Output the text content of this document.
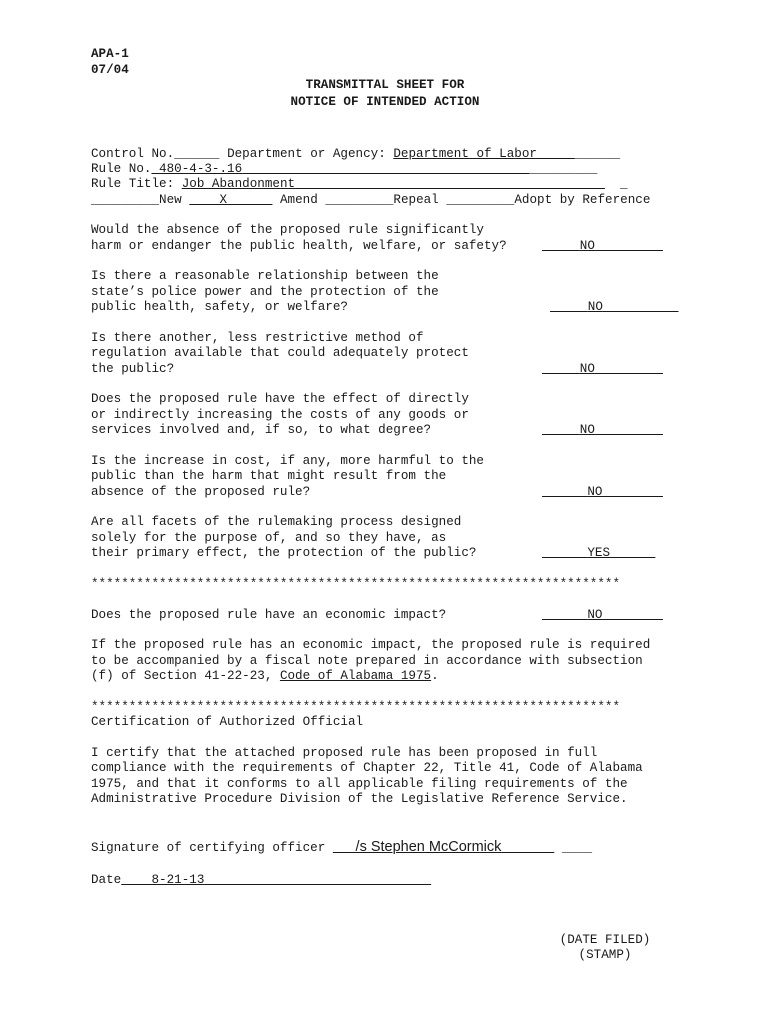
APA-1
07/04
TRANSMITTAL SHEET FOR
NOTICE OF INTENDED ACTION
Control No.______ Department or Agency: Department of Labor	______
Rule No._480-4-3-.16	_________
Rule Title: Job Abandonment	_
_________New	X	Amend _________Repeal _________Adopt by Reference
Would the absence of the proposed rule significantly
harm or endanger the public health, welfare, or safety?	NO
Is there a reasonable relationship between the
state’s police power and the protection of the
public health, safety, or welfare?	NO
Is there another, less restrictive method of
regulation available that could adequately protect
the public?	NO
Does the proposed rule have the effect of directly
or indirectly increasing the costs of any goods or
services involved and, if so, to what degree?	NO
Is the increase in cost, if any, more harmful to the
public than the harm that might result from the
absence of the proposed rule?	NO
Are all facets of the rulemaking process designed
solely for the purpose of, and so they have, as
their primary effect, the protection of the public?	YES
**********************************************************************
Does the proposed rule have an economic impact?	NO
If the proposed rule has an economic impact, the proposed rule is required
to be accompanied by a fiscal note prepared in accordance with subsection
(f) of Section 41-22-23, Code of Alabama 1975.
**********************************************************************
Certification of Authorized Official
I certify that the attached proposed rule has been proposed in full
compliance with the requirements of Chapter 22, Title 41, Code of Alabama
1975, and that it conforms to all applicable filing requirements of the
Administrative Procedure Division of the Legislative Reference Service.
Signature of certifying officer /s Stephen McCormick	____
Date 8-21-13
(DATE FILED)
(STAMP)
